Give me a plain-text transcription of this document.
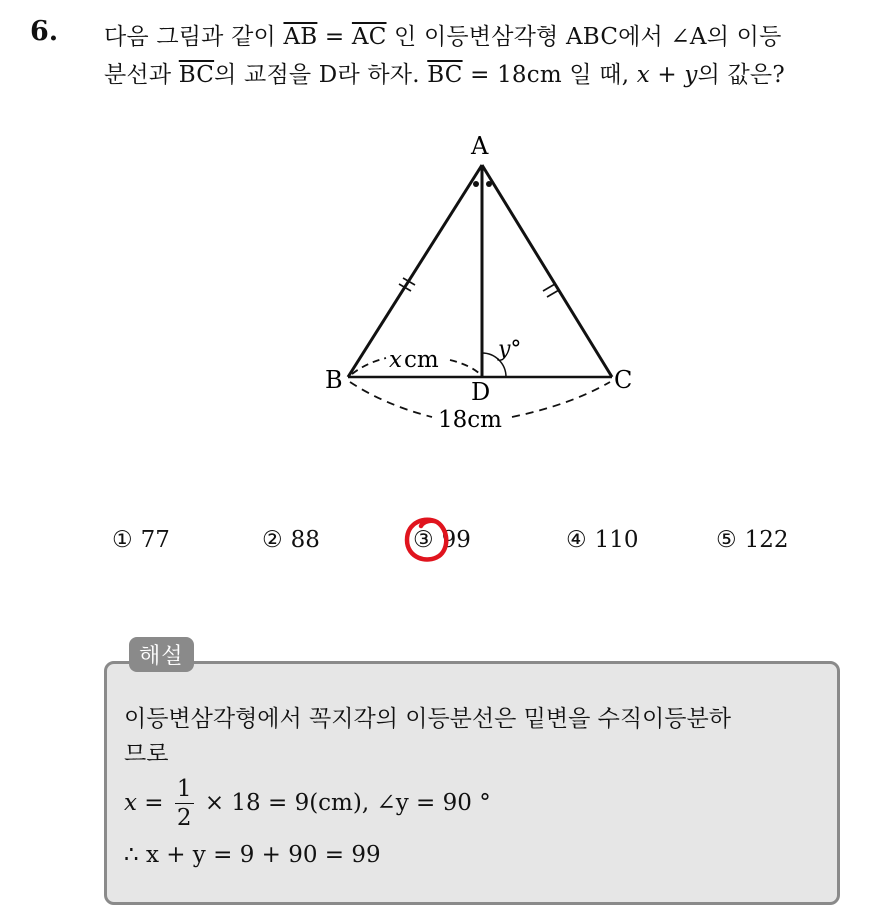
6. 다음 그림과 같이 $\overline{AB} = \overline{AC}$ 인 이등변삼각형 ABC에서 ∠A의 이등
분선과 $\overline{BC}$의 교점을 D라 하자. $\overline{BC} = 18cm$ 일 때, x + y의 값은?
A
B	C
D
x cm	y°
18cm
① 77	② 88	③ 99	④ 110	⑤ 122
해설
이등변삼각형에서 꼭지각의 이등분선은 밑변을 수직이등분하
므로
$x = \frac{1}{2} \times 18 = 9(cm)$, ∠y = 90 °
∴ x + y = 9 + 90 = 99
